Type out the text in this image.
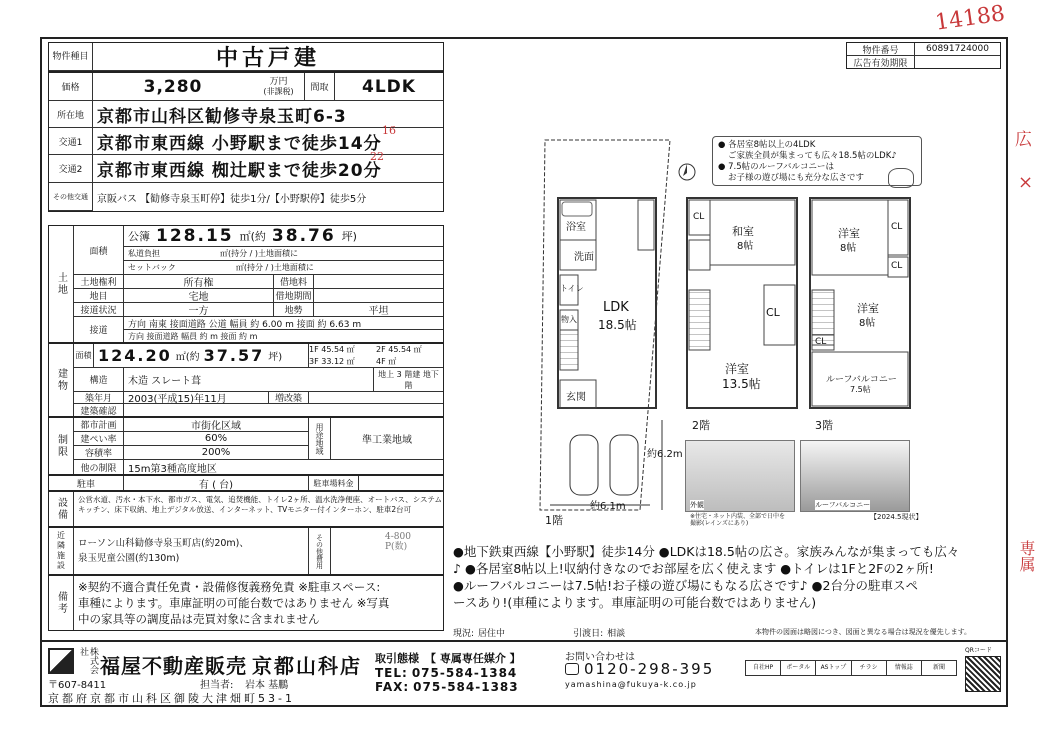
14188
広
×
専属
物件種目	中古戸建	物件番号	60891724000
広告有効期限
価格	3,280	万円
(非課税)	間取	4LDK
所在地 京都市山科区勧修寺泉玉町6-3
交通1 京都市東西線 小野駅まで徒歩14分
交通2 京都市東西線 椥辻駅まで徒歩20分
その他交通 京阪バス 【勧修寺泉玉町停】徒歩1分/【小野駅停】徒歩5分
16
22
土地
面積
公簿 128.15 ㎡(約 38.76 坪)
私道負担	㎡(持分 / )土地面積に
セットバック	㎡(持分 / )土地面積に
土地権利	所有権	借地料
地目	宅地	借地期間
接道状況	一方	地勢	平坦
接道
方向 南東 接面道路 公道 幅員 約 6.00 m 接面 約 6.63 m
方向 接面道路 幅員 約 m 接面 約 m
建物
面積 124.20 ㎡(約 37.57 坪)
1F 45.54 ㎡	2F 45.54 ㎡
3F 33.12 ㎡	4F ㎡
構造	木造 スレート葺
地上 3 階建 地下 階
築年月	2003(平成15)年11月	増改築
建築確認
制限
都市計画	市街化区域
建ぺい率	60%
容積率	200%	用途地域	準工業地域
他の制限	15m第3種高度地区
駐車	有 ( 台)	駐車場料金
設備	公営水道、汚水・本下水、都市ガス、電気、追焚機能、トイレ2ヶ所、温水洗浄便座、オートバス、システムキッチン、床下収納、地上デジタル放送、インターネット、TVモニター付インターホン、駐車2台可
近隣施設	ローソン山科勧修寺泉玉町店(約20m)、
泉玉児童公園(約130m)	その他費用	4-800 P(数)
備考
※契約不適合責任免責・設備修復義務免責 ※駐車スペース:
車種によります。車庫証明の可能台数ではありません ※写真
中の家具等の調度品は売買対象に含まれません
浴室
洗面
トイレ
物入
LDK
18.5帖
玄関
1階
約6.1m
約6.2m
CL
和室
8帖
CL
洋室
13.5帖
2階
洋室
8帖
CL
CL
洋室
8帖
CL
ルーフバルコニー
7.5帖
3階
● 各居室8帖以上の4LDK
ご家族全員が集まっても広々18.5帖のLDK♪
● 7.5帖のルーフバルコニーは
お子様の遊び場にも充分な広さです
外観	ルーフバルコニー
※住宅・ネット内装、全部で日中を撮影(レインズにあり)
【2024.5現状】
●地下鉄東西線【小野駅】徒歩14分 ●LDKは18.5帖の広さ。家族みんなが集まっても広々
♪ ●各居室8帖以上!収納付きなのでお部屋を広く使えます ●トイレは1Fと2Fの2ヶ所!
●ルーフバルコニーは7.5帖!お子様の遊び場にもなる広さです♪ ●2台分の駐車スペ
ースあり!(車種によります。車庫証明の可能台数ではありません)
現況: 居住中	引渡日: 相談	本物件の図面は略図につき、図面と異なる場合は現況を優先します。
株式会社
福屋不動産販売 京都山科店
〒607-8411	担当者: 岩本 基鵬
京都府京都市山科区御陵大津畑町53-1
取引態様 【 専属専任媒介 】
TEL: 075-584-1384
FAX: 075-584-1383
お問い合わせは
0120-298-395
yamashina@fukuya-k.co.jp
自社HP	ポータル	ASトップ	チラシ	情報誌	新聞
QRコード
